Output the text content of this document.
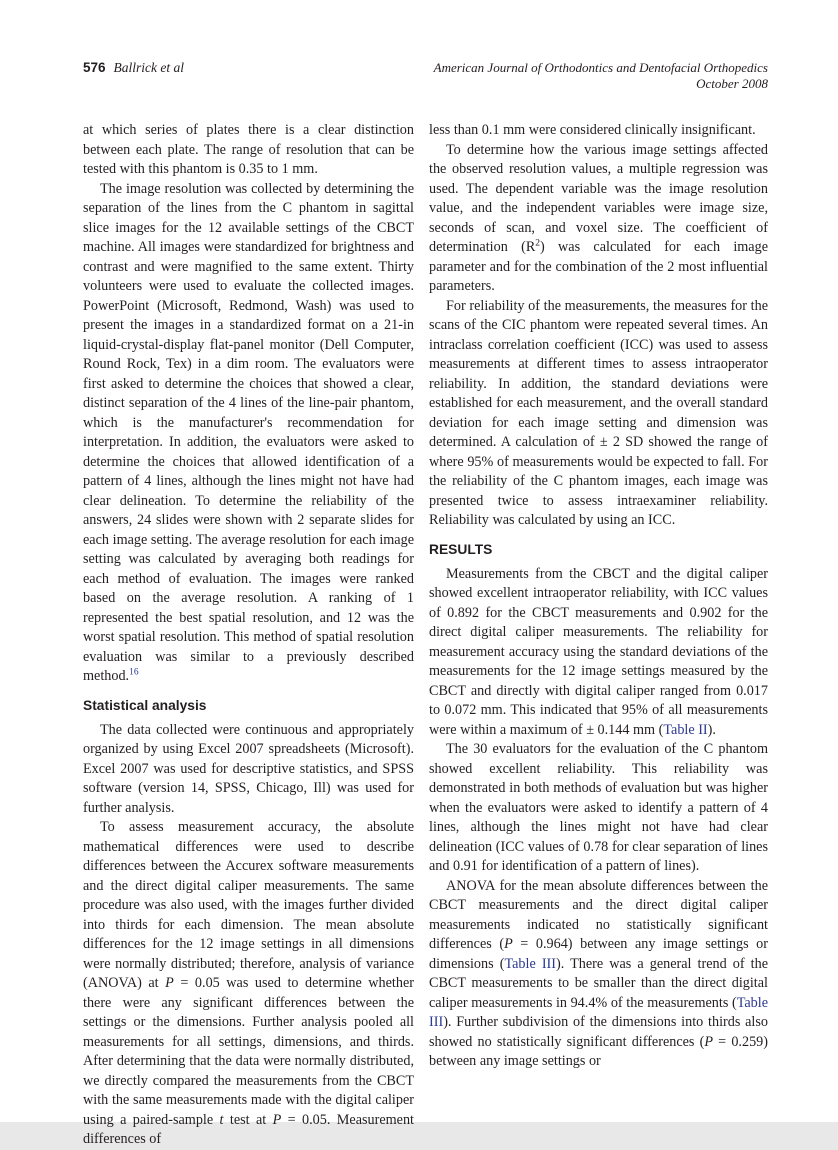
576 Ballrick et al	American Journal of Orthodontics and Dentofacial Orthopedics
October 2008

at which series of plates there is a clear distinction between each plate. The range of resolution that can be tested with this phantom is 0.35 to 1 mm.

The image resolution was collected by determining the separation of the lines from the C phantom in sagittal slice images for the 12 available settings of the CBCT machine. All images were standardized for brightness and contrast and were magnified to the same extent. Thirty volunteers were used to evaluate the collected images. PowerPoint (Microsoft, Redmond, Wash) was used to present the images in a standardized format on a 21-in liquid-crystal-display flat-panel monitor (Dell Computer, Round Rock, Tex) in a dim room. The evaluators were first asked to determine the choices that showed a clear, distinct separation of the 4 lines of the line-pair phantom, which is the manufacturer's recommendation for interpretation. In addition, the evaluators were asked to determine the choices that allowed identification of a pattern of 4 lines, although the lines might not have had clear delineation. To determine the reliability of the answers, 24 slides were shown with 2 separate slides for each image setting. The average resolution for each image setting was calculated by averaging both readings for each method of evaluation. The images were ranked based on the average resolution. A ranking of 1 represented the best spatial resolution, and 12 was the worst spatial resolution. This method of spatial resolution evaluation was similar to a previously described method.$^{16}$

Statistical analysis

The data collected were continuous and appropriately organized by using Excel 2007 spreadsheets (Microsoft). Excel 2007 was used for descriptive statistics, and SPSS software (version 14, SPSS, Chicago, Ill) was used for further analysis.

To assess measurement accuracy, the absolute mathematical differences were used to describe differences between the Accurex software measurements and the direct digital caliper measurements. The same procedure was also used, with the images further divided into thirds for each dimension. The mean absolute differences for the 12 image settings in all dimensions were normally distributed; therefore, analysis of variance (ANOVA) at P = 0.05 was used to determine whether there were any significant differences between the settings or the dimensions. Further analysis pooled all measurements for all settings, dimensions, and thirds. After determining that the data were normally distributed, we directly compared the measurements from the CBCT with the same measurements made with the digital caliper using a paired-sample t test at P = 0.05. Measurement differences of

less than 0.1 mm were considered clinically insignificant.

To determine how the various image settings affected the observed resolution values, a multiple regression was used. The dependent variable was the image resolution value, and the independent variables were image size, seconds of scan, and voxel size. The coefficient of determination $(R^2)$ was calculated for each image parameter and for the combination of the 2 most influential parameters.

For reliability of the measurements, the measures for the scans of the CIC phantom were repeated several times. An intraclass correlation coefficient (ICC) was used to assess measurements at different times to assess intraoperator reliability. In addition, the standard deviations were established for each measurement, and the overall standard deviation for each image setting and dimension was determined. A calculation of ± 2 SD showed the range of where 95% of measurements would be expected to fall. For the reliability of the C phantom images, each image was presented twice to assess intraexaminer reliability. Reliability was calculated by using an ICC.

RESULTS

Measurements from the CBCT and the digital caliper showed excellent intraoperator reliability, with ICC values of 0.892 for the CBCT measurements and 0.902 for the direct digital caliper measurements. The reliability for measurement accuracy using the standard deviations of the measurements for the 12 image settings measured by the CBCT and directly with digital caliper ranged from 0.017 to 0.072 mm. This indicated that 95% of all measurements were within a maximum of ± 0.144 mm (Table II).

The 30 evaluators for the evaluation of the C phantom showed excellent reliability. This reliability was demonstrated in both methods of evaluation but was higher when the evaluators were asked to identify a pattern of 4 lines, although the lines might not have had clear delineation (ICC values of 0.78 for clear separation of lines and 0.91 for identification of a pattern of lines).

ANOVA for the mean absolute differences between the CBCT measurements and the direct digital caliper measurements indicated no statistically significant differences (P = 0.964) between any image settings or dimensions (Table III). There was a general trend of the CBCT measurements to be smaller than the direct digital caliper measurements in 94.4% of the measurements (Table III). Further subdivision of the dimensions into thirds also showed no statistically significant differences (P = 0.259) between any image settings or
